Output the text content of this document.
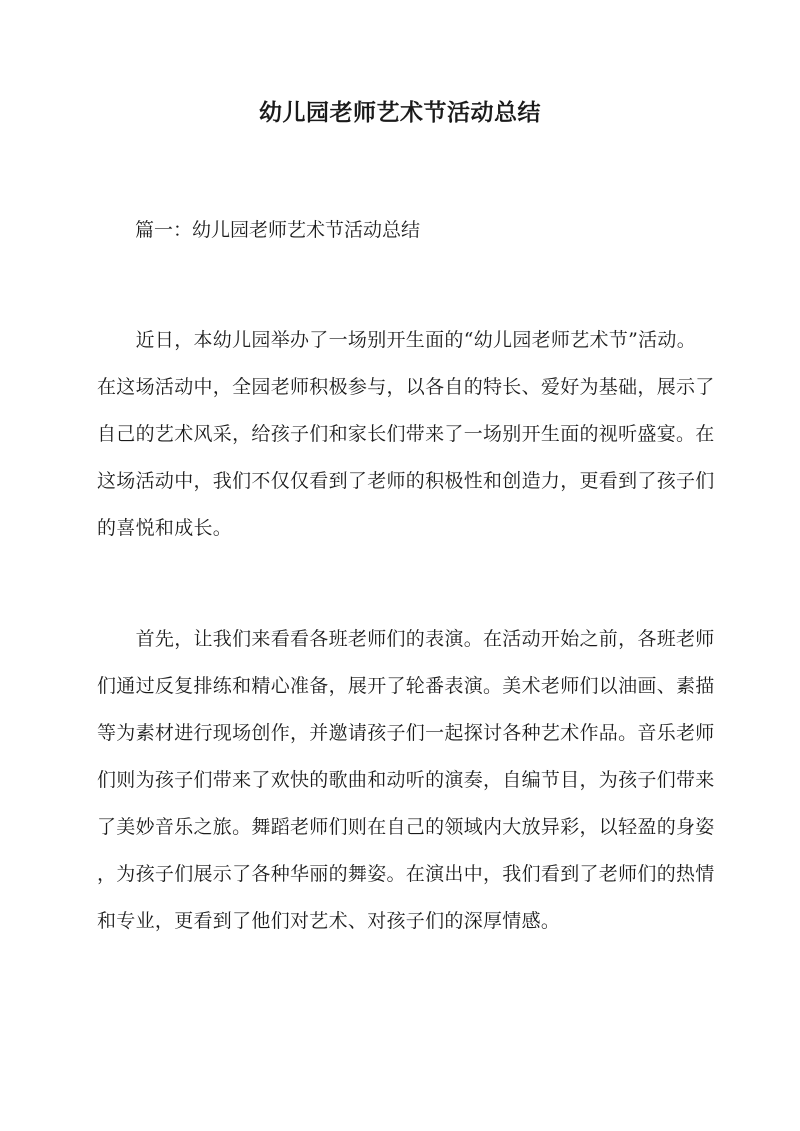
幼儿园老师艺术节活动总结
篇一：幼儿园老师艺术节活动总结
　　近日，本幼儿园举办了一场别开生面的“幼儿园老师艺术节”活动。
在这场活动中，全园老师积极参与，以各自的特长、爱好为基础，展示了
自己的艺术风采，给孩子们和家长们带来了一场别开生面的视听盛宴。在
这场活动中，我们不仅仅看到了老师的积极性和创造力，更看到了孩子们
的喜悦和成长。
　　首先，让我们来看看各班老师们的表演。在活动开始之前，各班老师
们通过反复排练和精心准备，展开了轮番表演。美术老师们以油画、素描
等为素材进行现场创作，并邀请孩子们一起探讨各种艺术作品。音乐老师
们则为孩子们带来了欢快的歌曲和动听的演奏，自编节目，为孩子们带来
了美妙音乐之旅。舞蹈老师们则在自己的领域内大放异彩，以轻盈的身姿
，为孩子们展示了各种华丽的舞姿。在演出中，我们看到了老师们的热情
和专业，更看到了他们对艺术、对孩子们的深厚情感。
